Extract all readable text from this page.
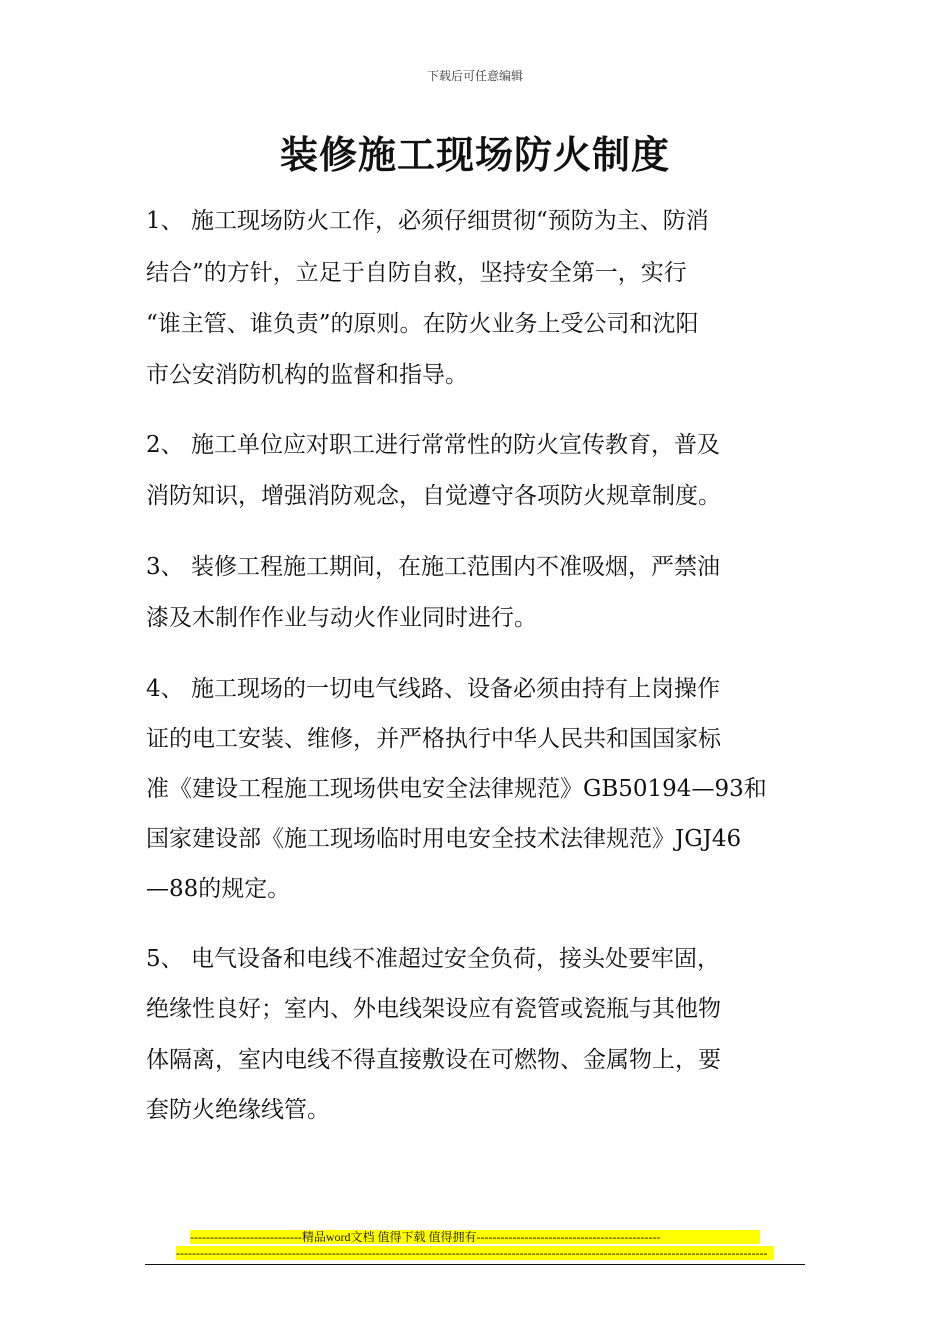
下载后可任意编辑
装修施工现场防火制度
1、 施工现场防火工作，必须仔细贯彻“预防为主、防消
结合”的方针，立足于自防自救，坚持安全第一，实行
“谁主管、谁负责”的原则。在防火业务上受公司和沈阳
市公安消防机构的监督和指导。
2、 施工单位应对职工进行常常性的防火宣传教育，普及
消防知识，增强消防观念，自觉遵守各项防火规章制度。
3、 装修工程施工期间，在施工范围内不准吸烟，严禁油
漆及木制作作业与动火作业同时进行。
4、 施工现场的一切电气线路、设备必须由持有上岗操作
证的电工安装、维修，并严格执行中华人民共和国国家标
准《建设工程施工现场供电安全法律规范》GB50194—93和
国家建设部《施工现场临时用电安全技术法律规范》JGJ46
—88的规定。
5、 电气设备和电线不准超过安全负荷，接头处要牢固，
绝缘性良好；室内、外电线架设应有瓷管或瓷瓶与其他物
体隔离，室内电线不得直接敷设在可燃物、金属物上，要
套防火绝缘线管。
----------------------------精品word文档 值得下载 值得拥有----------------------------------------------
----------------------------------------------------------------------------------------------------------------------------------------------------
